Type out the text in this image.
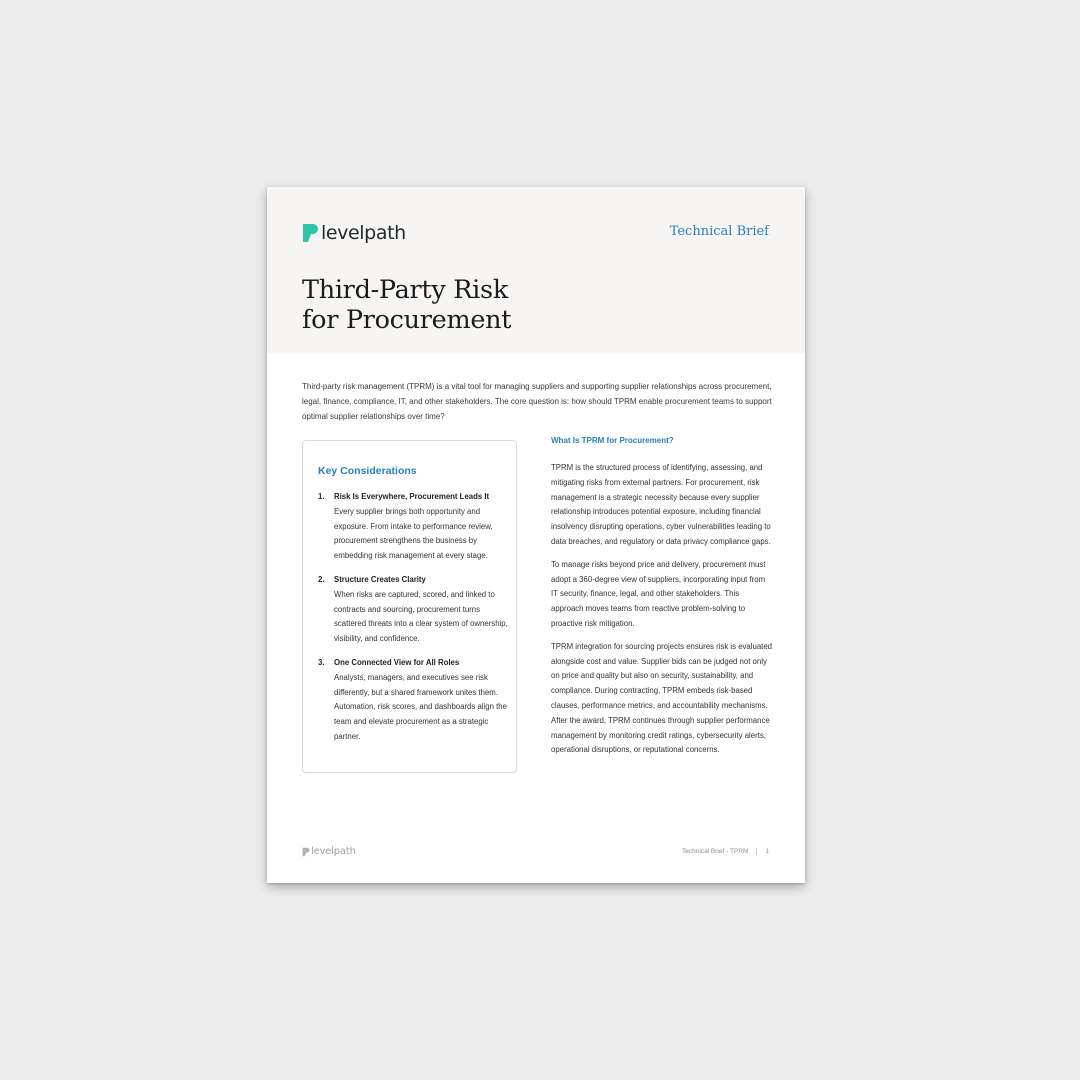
levelpath	Technical Brief
Third-Party Risk
for Procurement

Third-party risk management (TPRM) is a vital tool for managing suppliers and supporting supplier relationships across procurement, legal, finance, compliance, IT, and other stakeholders. The core question is: how should TPRM enable procurement teams to support optimal supplier relationships over time?

Key Considerations
1. Risk Is Everywhere, Procurement Leads It
Every supplier brings both opportunity and exposure. From intake to performance review, procurement strengthens the business by embedding risk management at every stage.
2. Structure Creates Clarity
When risks are captured, scored, and linked to contracts and sourcing, procurement turns scattered threats into a clear system of ownership, visibility, and confidence.
3. One Connected View for All Roles
Analysts, managers, and executives see risk differently, but a shared framework unites them. Automation, risk scores, and dashboards align the team and elevate procurement as a strategic partner.
What Is TPRM for Procurement?

TPRM is the structured process of identifying, assessing, and mitigating risks from external partners. For procurement, risk management is a strategic necessity because every supplier relationship introduces potential exposure, including financial insolvency disrupting operations, cyber vulnerabilities leading to data breaches, and regulatory or data privacy compliance gaps.

To manage risks beyond price and delivery, procurement must adopt a 360-degree view of suppliers, incorporating input from IT security, finance, legal, and other stakeholders. This approach moves teams from reactive problem-solving to proactive risk mitigation.

TPRM integration for sourcing projects ensures risk is evaluated alongside cost and value. Supplier bids can be judged not only on price and quality but also on security, sustainability, and compliance. During contracting, TPRM embeds risk-based clauses, performance metrics, and accountability mechanisms. After the award, TPRM continues through supplier performance management by monitoring credit ratings, cybersecurity alerts, operational disruptions, or reputational concerns.

levelpath	Technical Brief - TPRM	1
